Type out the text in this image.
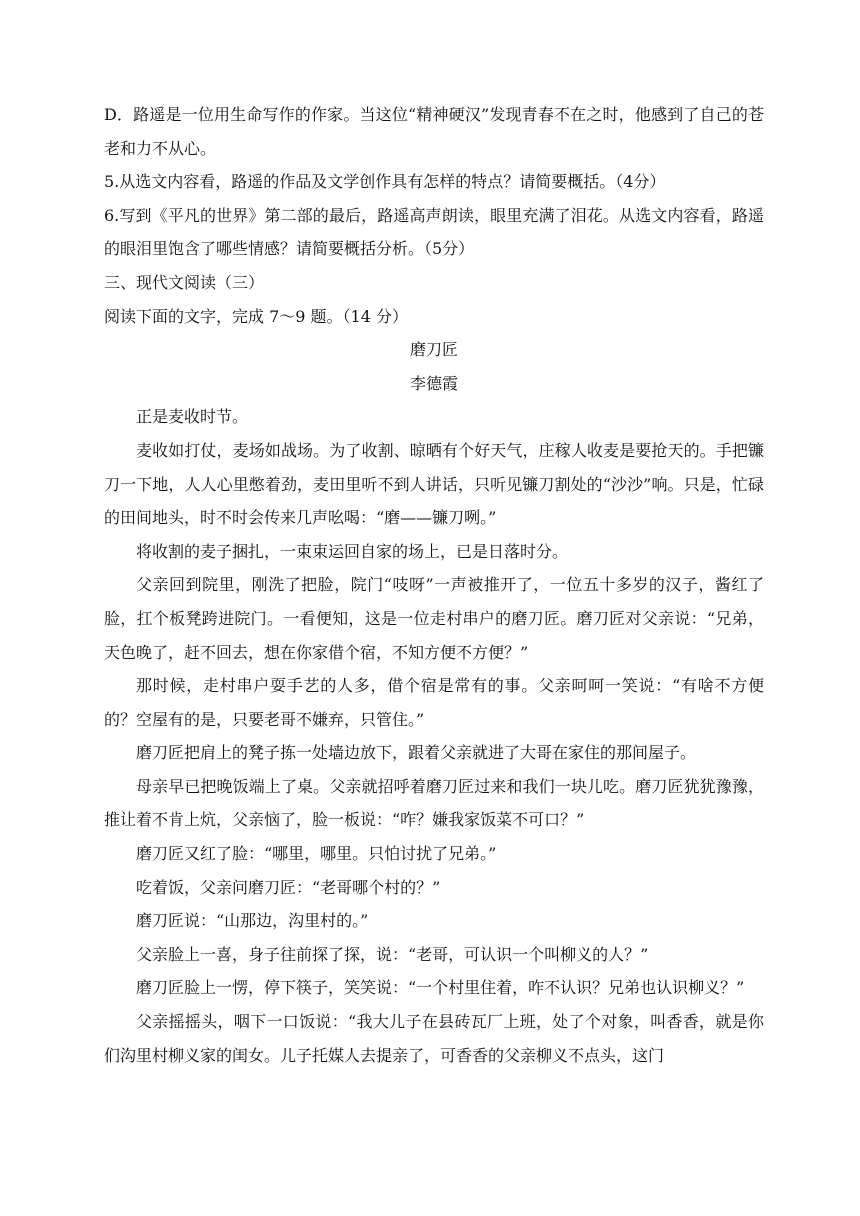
D．路遥是一位用生命写作的作家。当这位“精神硬汉”发现青春不在之时，他感到了自己的苍老和力不从心。

5.从选文内容看，路遥的作品及文学创作具有怎样的特点？请简要概括。（4分）

6.写到《平凡的世界》第二部的最后，路遥高声朗读，眼里充满了泪花。从选文内容看，路遥的眼泪里饱含了哪些情感？请简要概括分析。（5分）

三、现代文阅读（三）

阅读下面的文字，完成 7～9 题。（14 分）

磨刀匠

李德霞

正是麦收时节。

麦收如打仗，麦场如战场。为了收割、晾晒有个好天气，庄稼人收麦是要抢天的。手把镰刀一下地，人人心里憋着劲，麦田里听不到人讲话，只听见镰刀割处的“沙沙”响。只是，忙碌的田间地头，时不时会传来几声吆喝：“磨——镰刀咧。”

将收割的麦子捆扎，一束束运回自家的场上，已是日落时分。

父亲回到院里，刚洗了把脸，院门“吱呀”一声被推开了，一位五十多岁的汉子，酱红了脸，扛个板凳跨进院门。一看便知，这是一位走村串户的磨刀匠。磨刀匠对父亲说：“兄弟，天色晚了，赶不回去，想在你家借个宿，不知方便不方便？”

那时候，走村串户耍手艺的人多，借个宿是常有的事。父亲呵呵一笑说：“有啥不方便的？空屋有的是，只要老哥不嫌弃，只管住。”

磨刀匠把肩上的凳子拣一处墙边放下，跟着父亲就进了大哥在家住的那间屋子。

母亲早已把晚饭端上了桌。父亲就招呼着磨刀匠过来和我们一块儿吃。磨刀匠犹犹豫豫，推让着不肯上炕，父亲恼了，脸一板说：“咋？嫌我家饭菜不可口？”

磨刀匠又红了脸：“哪里，哪里。只怕讨扰了兄弟。”

吃着饭，父亲问磨刀匠：“老哥哪个村的？”

磨刀匠说：“山那边，沟里村的。”

父亲脸上一喜，身子往前探了探，说：“老哥，可认识一个叫柳义的人？”

磨刀匠脸上一愣，停下筷子，笑笑说：“一个村里住着，咋不认识？兄弟也认识柳义？”

父亲摇摇头，咽下一口饭说：“我大儿子在县砖瓦厂上班，处了个对象，叫香香，就是你们沟里村柳义家的闺女。儿子托媒人去提亲了，可香香的父亲柳义不点头，这门
